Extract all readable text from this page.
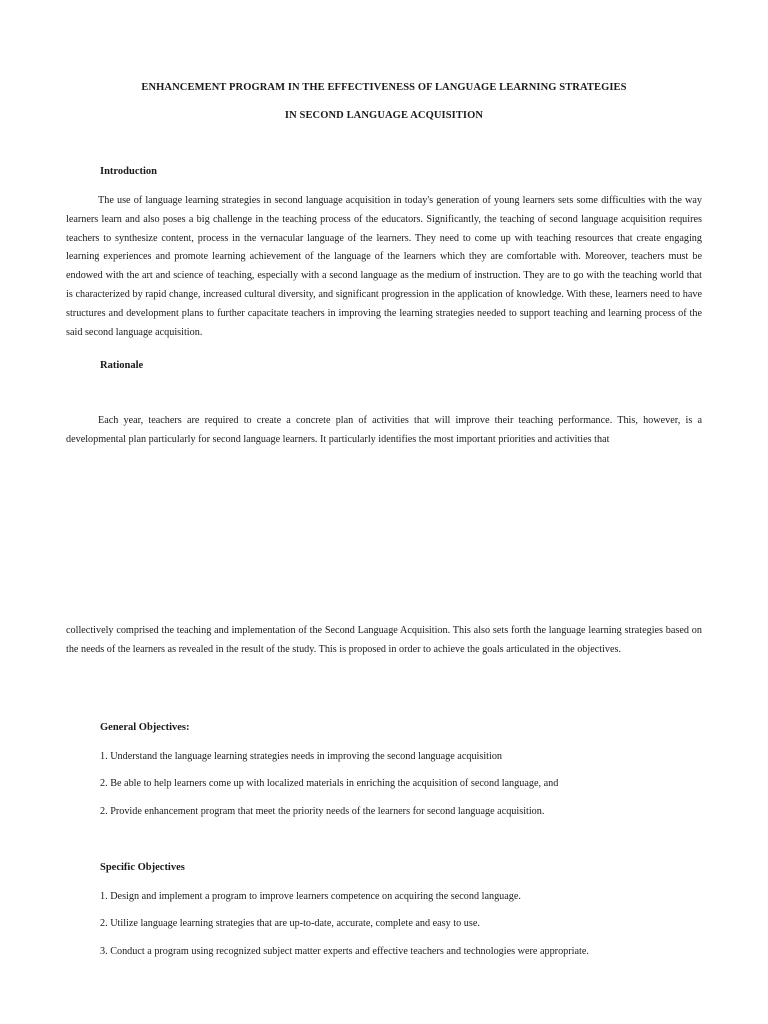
ENHANCEMENT PROGRAM IN THE EFFECTIVENESS OF LANGUAGE LEARNING STRATEGIES
IN SECOND LANGUAGE ACQUISITION
Introduction

The use of language learning strategies in second language acquisition in today's generation of young learners sets some difficulties with the way learners learn and also poses a big challenge in the teaching process of the educators. Significantly, the teaching of second language acquisition requires teachers to synthesize content, process in the vernacular language of the learners. They need to come up with teaching resources that create engaging learning experiences and promote learning achievement of the language of the learners which they are comfortable with. Moreover, teachers must be endowed with the art and science of teaching, especially with a second language as the medium of instruction. They are to go with the teaching world that is characterized by rapid change, increased cultural diversity, and significant progression in the application of knowledge. With these, learners need to have structures and development plans to further capacitate teachers in improving the learning strategies needed to support teaching and learning process of the said second language acquisition.

Rationale

Each year, teachers are required to create a concrete plan of activities that will improve their teaching performance. This, however, is a developmental plan particularly for second language learners. It particularly identifies the most important priorities and activities that

collectively comprised the teaching and implementation of the Second Language Acquisition. This also sets forth the language learning strategies based on the needs of the learners as revealed in the result of the study. This is proposed in order to achieve the goals articulated in the objectives.

General Objectives:
1. Understand the language learning strategies needs in improving the second language acquisition
2. Be able to help learners come up with localized materials in enriching the acquisition of second language, and
2. Provide enhancement program that meet the priority needs of the learners for second language acquisition.
Specific Objectives
1. Design and implement a program to improve learners competence on acquiring the second language.
2. Utilize language learning strategies that are up-to-date, accurate, complete and easy to use.
3. Conduct a program using recognized subject matter experts and effective teachers and technologies were appropriate.
